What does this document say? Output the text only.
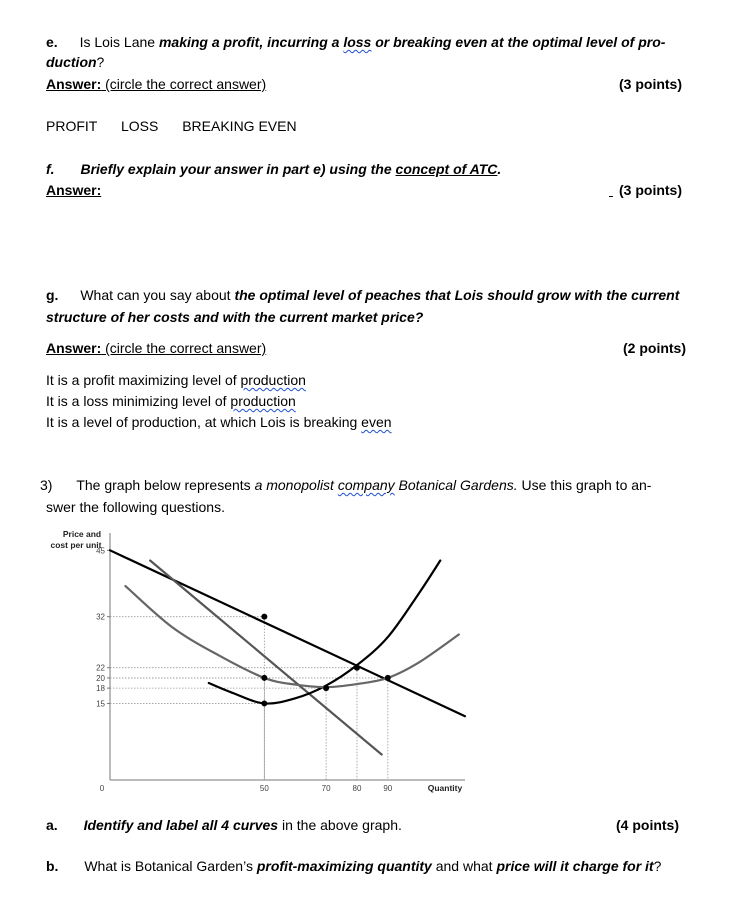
e. Is Lois Lane making a profit, incurring a loss or breaking even at the optimal level of pro-
duction?
Answer: (circle the correct answer)	(3 points)
PROFIT LOSS BREAKING EVEN
f. Briefly explain your answer in part e) using the concept of ATC.
Answer:	(3 points)
g. What can you say about the optimal level of peaches that Lois should grow with the current
structure of her costs and with the current market price?
Answer: (circle the correct answer)	(2 points)
It is a profit maximizing level of production
It is a loss minimizing level of production
It is a level of production, at which Lois is breaking even
3) The graph below represents a monopolist company Botanical Gardens. Use this graph to an-
swer the following questions.
Price and
cost per unit
Quantity
15
18
20
22
32
45
0	50	70	80	90
a. Identify and label all 4 curves in the above graph.	(4 points)
b. What is Botanical Garden’s profit-maximizing quantity and what price will it charge for it?
